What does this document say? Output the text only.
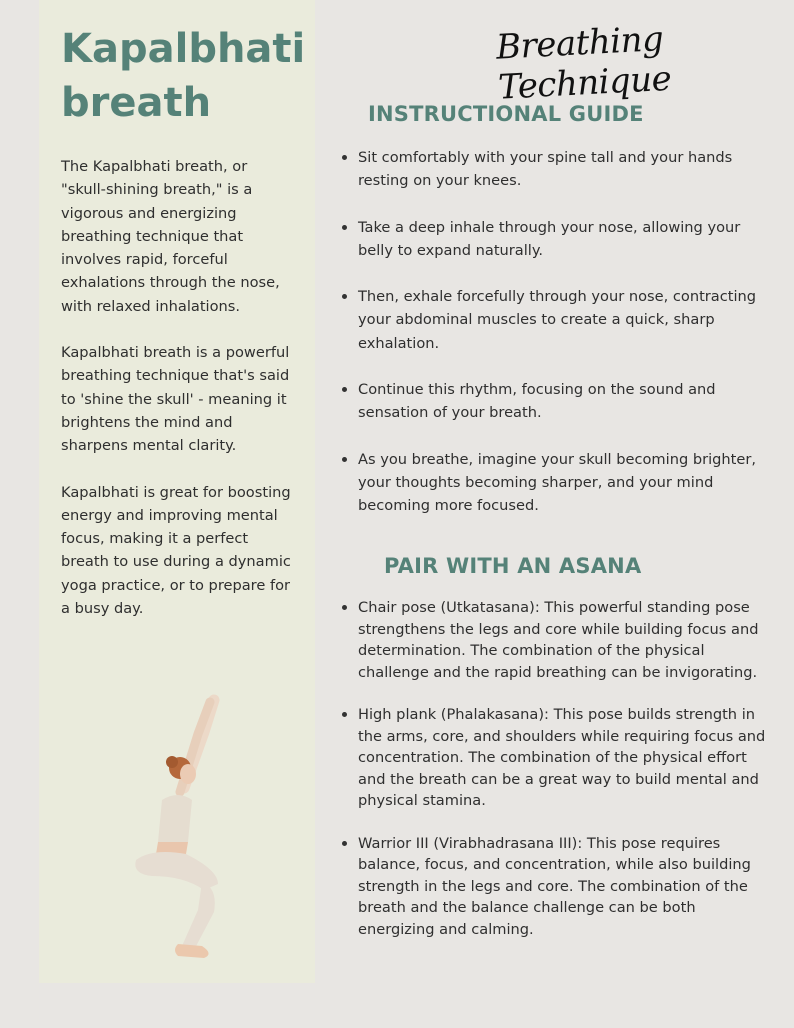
Kapalbhati breath

The Kapalbhati breath, or "skull-shining breath," is a vigorous and energizing breathing technique that involves rapid, forceful exhalations through the nose, with relaxed inhalations.

Kapalbhati breath is a powerful breathing technique that's said to 'shine the skull' - meaning it brightens the mind and sharpens mental clarity.

Kapalbhati is great for boosting energy and improving mental focus, making it a perfect breath to use during a dynamic yoga practice, or to prepare for a busy day.

Breathing Technique
INSTRUCTIONAL GUIDE
Sit comfortably with your spine tall and your hands resting on your knees.
Take a deep inhale through your nose, allowing your belly to expand naturally.
Then, exhale forcefully through your nose, contracting your abdominal muscles to create a quick, sharp exhalation.
Continue this rhythm, focusing on the sound and sensation of your breath.
As you breathe, imagine your skull becoming brighter, your thoughts becoming sharper, and your mind becoming more focused.
PAIR WITH AN ASANA
Chair pose (Utkatasana): This powerful standing pose strengthens the legs and core while building focus and determination. The combination of the physical challenge and the rapid breathing can be invigorating.
High plank (Phalakasana): This pose builds strength in the arms, core, and shoulders while requiring focus and concentration. The combination of the physical effort and the breath can be a great way to build mental and physical stamina.
Warrior III (Virabhadrasana III): This pose requires balance, focus, and concentration, while also building strength in the legs and core. The combination of the breath and the balance challenge can be both energizing and calming.
